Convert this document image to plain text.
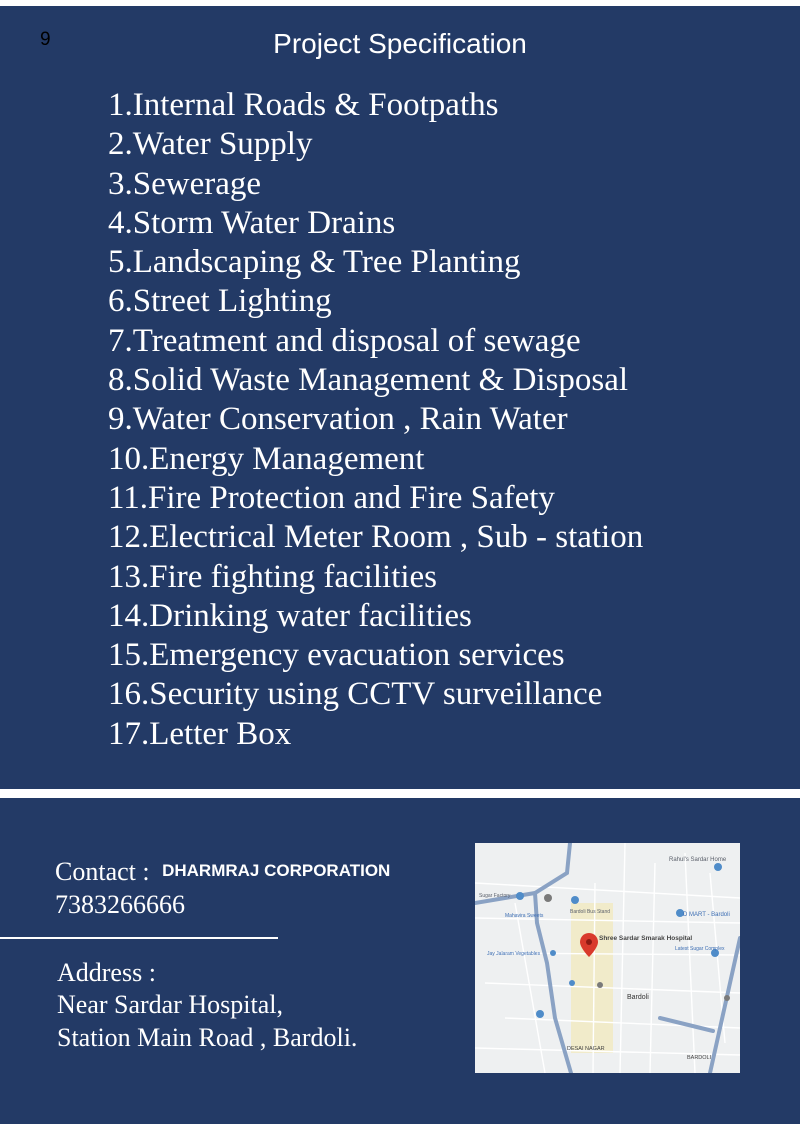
9	Project Specification
1.Internal Roads & Footpaths
2.Water Supply
3.Sewerage
4.Storm Water Drains
5.Landscaping & Tree Planting
6.Street Lighting
7.Treatment and disposal of sewage
8.Solid Waste Management & Disposal
9.Water Conservation , Rain Water
10.Energy Management
11.Fire Protection and Fire Safety
12.Electrical Meter Room , Sub - station
13.Fire fighting facilities
14.Drinking water facilities
15.Emergency evacuation services
16.Security using CCTV surveillance
17.Letter Box
Contact : DHARMRAJ CORPORATION
7383266666
Address :
Near Sardar Hospital,
Station Main Road , Bardoli.
Shree Sardar Smarak Hospital
Bardoli
D MART - Bardoli
Rahul's Sardar Home
DESAI NAGAR
BARDOLI
Jay Jalaram Vegetables
Latest Sugar Complex
Sugar Factory
Mahavira Sweets
Bardoli Bus Stand
